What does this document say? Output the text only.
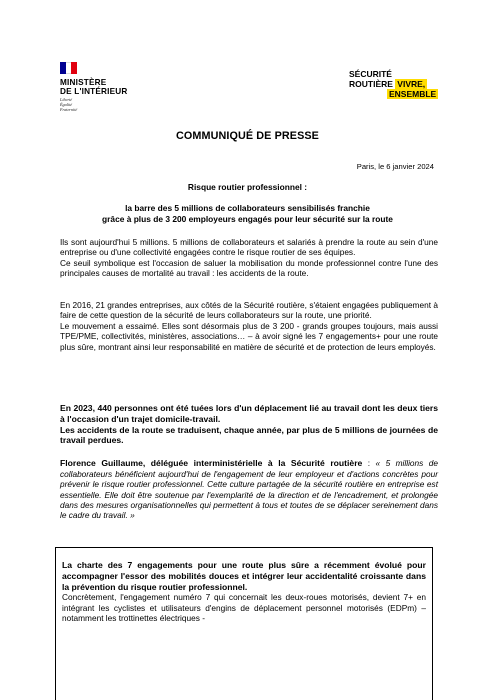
MINISTÈRE
DE L'INTÉRIEUR
Liberté
Égalité
Fraternité
SÉCURITÉ
ROUTIÈRE VIVRE,
ENSEMBLE
COMMUNIQUÉ DE PRESSE
Paris, le 6 janvier 2024
Risque routier professionnel :
la barre des 5 millions de collaborateurs sensibilisés franchie
grâce à plus de 3 200 employeurs engagés pour leur sécurité sur la route

Ils sont aujourd'hui 5 millions. 5 millions de collaborateurs et salariés à prendre la route au sein d'une entreprise ou d'une collectivité engagées contre le risque routier de ses équipes.

Ce seuil symbolique est l'occasion de saluer la mobilisation du monde professionnel contre l'une des principales causes de mortalité au travail : les accidents de la route.

En 2016, 21 grandes entreprises, aux côtés de la Sécurité routière, s'étaient engagées publiquement à faire de cette question de la sécurité de leurs collaborateurs sur la route, une priorité.

Le mouvement a essaimé. Elles sont désormais plus de 3 200 - grands groupes toujours, mais aussi TPE/PME, collectivités, ministères, associations… – à avoir signé les 7 engagements+ pour une route plus sûre, montrant ainsi leur responsabilité en matière de sécurité et de protection de leurs employés.

En 2023, 440 personnes ont été tuées lors d'un déplacement lié au travail dont les deux tiers à l'occasion d'un trajet domicile-travail.

Les accidents de la route se traduisent, chaque année, par plus de 5 millions de journées de travail perdues.

Florence Guillaume, déléguée interministérielle à la Sécurité routière : « 5 millions de collaborateurs bénéficient aujourd'hui de l'engagement de leur employeur et d'actions concrètes pour prévenir le risque routier professionnel. Cette culture partagée de la sécurité routière en entreprise est essentielle. Elle doit être soutenue par l'exemplarité de la direction et de l'encadrement, et prolongée dans des mesures organisationnelles qui permettent à tous et toutes de se déplacer sereinement dans le cadre du travail. »

La charte des 7 engagements pour une route plus sûre a récemment évolué pour accompagner l'essor des mobilités douces et intégrer leur accidentalité croissante dans la prévention du risque routier professionnel.

Concrètement, l'engagement numéro 7 qui concernait les deux-roues motorisés, devient 7+ en intégrant les cyclistes et utilisateurs d'engins de déplacement personnel motorisés (EDPm) – notamment les trottinettes électriques -
